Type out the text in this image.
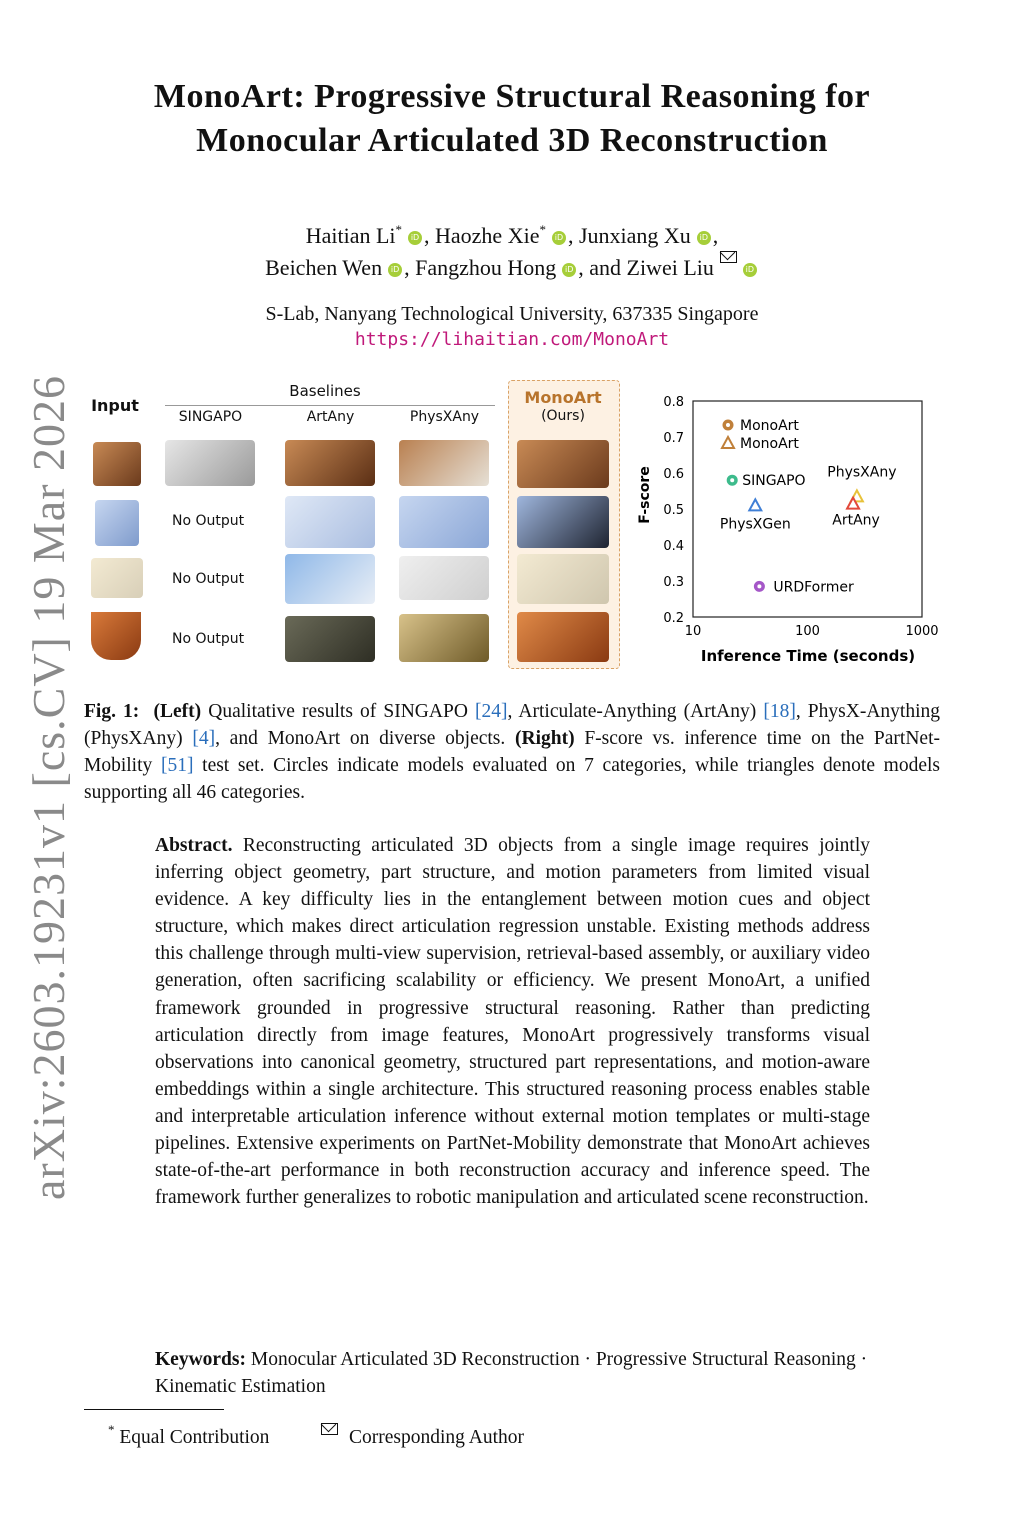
arXiv:2603.19231v1 [cs.CV] 19 Mar 2026
MonoArt: Progressive Structural Reasoning for
Monocular Articulated 3D Reconstruction
Haitian Li*iD , Haozhe Xie*iD , Junxiang Xu iD ,
Beichen Wen iD , Fangzhou Hong iD , and Ziwei Liu	iD
S-Lab, Nanyang Technological University, 637335 Singapore
https://lihaitian.com/MonoArt
Input
Baselines
SINGAPO	ArtAny	PhysXAny
MonoArt
(Ours)
No Output
No Output
No Output
0.2
0.3
0.4
0.5
0.6
0.7
0.8
10	100	1000
F-score
Inference Time (seconds)
MonoArt
MonoArt
SINGAPO
PhysXGen
PhysXAny
ArtAny
URDFormer
Fig. 1: (Left) Qualitative results of SINGAPO [24], Articulate-Anything (ArtAny) [18], PhysX-Anything (PhysXAny) [4], and MonoArt on diverse objects. (Right) F-score vs. inference time on the PartNet-Mobility [51] test set. Circles indicate models evaluated on 7 categories, while triangles denote models supporting all 46 categories.
Abstract. Reconstructing articulated 3D objects from a single image requires jointly inferring object geometry, part structure, and motion parameters from limited visual evidence. A key difficulty lies in the entanglement between motion cues and object structure, which makes direct articulation regression unstable. Existing methods address this challenge through multi-view supervision, retrieval-based assembly, or auxiliary video generation, often sacrificing scalability or efficiency. We present MonoArt, a unified framework grounded in progressive structural reasoning. Rather than predicting articulation directly from image features, MonoArt progressively transforms visual observations into canonical geometry, structured part representations, and motion-aware embeddings within a single architecture. This structured reasoning process enables stable and interpretable articulation inference without external motion templates or multi-stage pipelines. Extensive experiments on PartNet-Mobility demonstrate that MonoArt achieves state-of-the-art performance in both reconstruction accuracy and inference speed. The framework further generalizes to robotic manipulation and articulated scene reconstruction.
Keywords: Monocular Articulated 3D Reconstruction · Progressive Structural Reasoning · Kinematic Estimation
* Equal Contribution	Corresponding Author
